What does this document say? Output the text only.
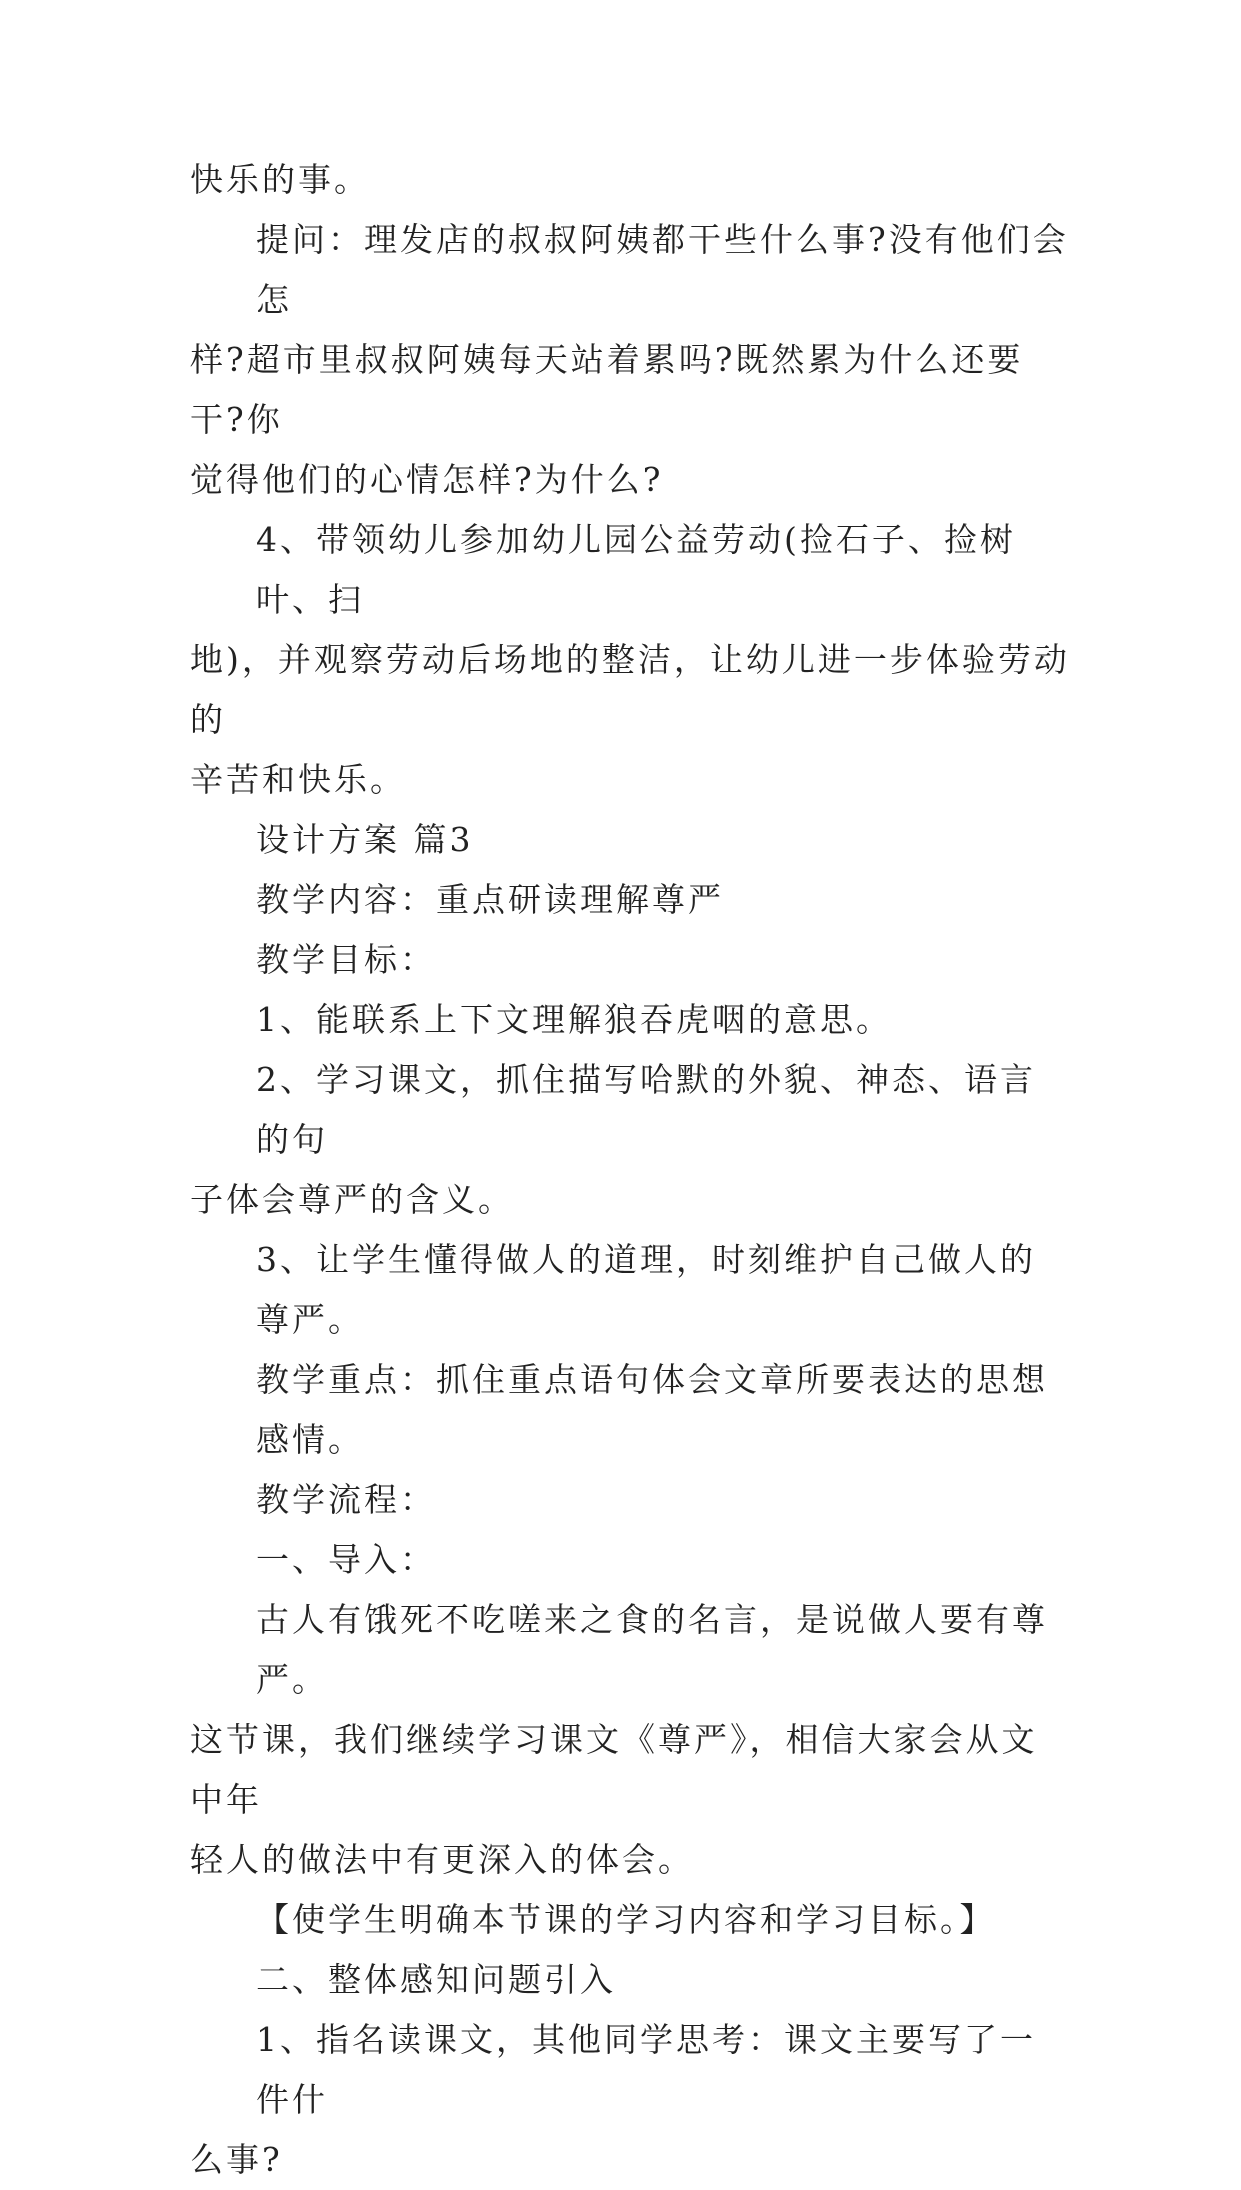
快乐的事。
提问：理发店的叔叔阿姨都干些什么事?没有他们会怎
样?超市里叔叔阿姨每天站着累吗?既然累为什么还要干?你
觉得他们的心情怎样?为什么?
4、带领幼儿参加幼儿园公益劳动(捡石子、捡树叶、扫
地)，并观察劳动后场地的整洁，让幼儿进一步体验劳动的
辛苦和快乐。
设计方案 篇3
教学内容：重点研读理解尊严
教学目标：
1、能联系上下文理解狼吞虎咽的意思。
2、学习课文，抓住描写哈默的外貌、神态、语言的句
子体会尊严的含义。
3、让学生懂得做人的道理，时刻维护自己做人的尊严。
教学重点：抓住重点语句体会文章所要表达的思想感情。
教学流程：
一、导入：
古人有饿死不吃嗟来之食的名言，是说做人要有尊严。
这节课，我们继续学习课文《尊严》，相信大家会从文中年
轻人的做法中有更深入的体会。
【使学生明确本节课的学习内容和学习目标。】
二、整体感知问题引入
1、指名读课文，其他同学思考：课文主要写了一件什
么事?
